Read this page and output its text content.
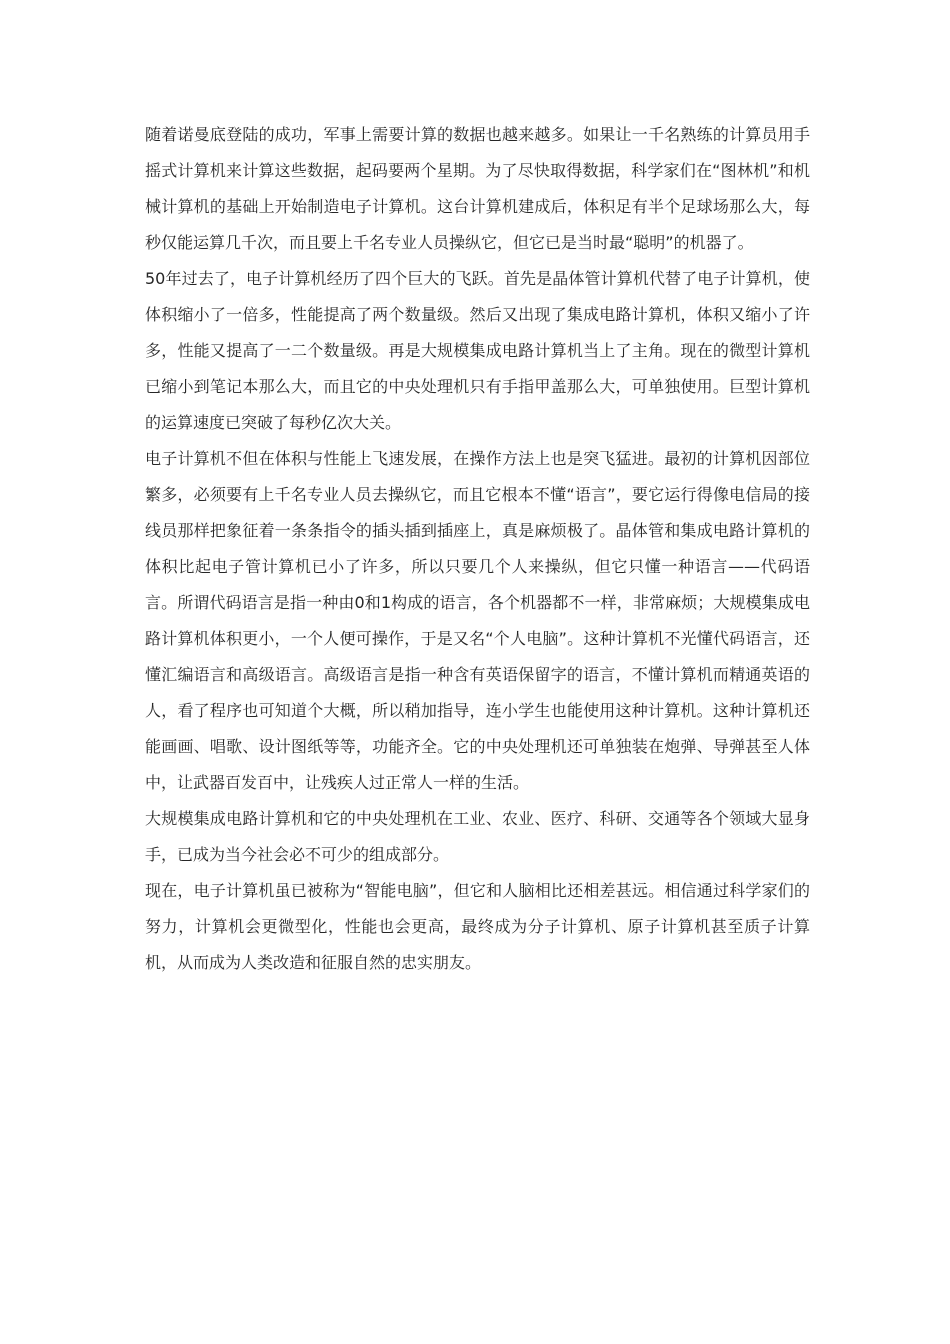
随着诺曼底登陆的成功，军事上需要计算的数据也越来越多。如果让一千名熟练的计算员用手摇式计算机来计算这些数据，起码要两个星期。为了尽快取得数据，科学家们在“图林机”和机械计算机的基础上开始制造电子计算机。这台计算机建成后，体积足有半个足球场那么大，每秒仅能运算几千次，而且要上千名专业人员操纵它，但它已是当时最“聪明”的机器了。

50年过去了，电子计算机经历了四个巨大的飞跃。首先是晶体管计算机代替了电子计算机，使体积缩小了一倍多，性能提高了两个数量级。然后又出现了集成电路计算机，体积又缩小了许多，性能又提高了一二个数量级。再是大规模集成电路计算机当上了主角。现在的微型计算机已缩小到笔记本那么大，而且它的中央处理机只有手指甲盖那么大，可单独使用。巨型计算机的运算速度已突破了每秒亿次大关。

电子计算机不但在体积与性能上飞速发展，在操作方法上也是突飞猛进。最初的计算机因部位繁多，必须要有上千名专业人员去操纵它，而且它根本不懂“语言”，要它运行得像电信局的接线员那样把象征着一条条指令的插头插到插座上，真是麻烦极了。晶体管和集成电路计算机的体积比起电子管计算机已小了许多，所以只要几个人来操纵，但它只懂一种语言——代码语言。所谓代码语言是指一种由0和1构成的语言，各个机器都不一样，非常麻烦；大规模集成电路计算机体积更小，一个人便可操作，于是又名“个人电脑”。这种计算机不光懂代码语言，还懂汇编语言和高级语言。高级语言是指一种含有英语保留字的语言，不懂计算机而精通英语的人，看了程序也可知道个大概，所以稍加指导，连小学生也能使用这种计算机。这种计算机还能画画、唱歌、设计图纸等等，功能齐全。它的中央处理机还可单独装在炮弹、导弹甚至人体中，让武器百发百中，让残疾人过正常人一样的生活。

大规模集成电路计算机和它的中央处理机在工业、农业、医疗、科研、交通等各个领域大显身手，已成为当今社会必不可少的组成部分。

现在，电子计算机虽已被称为“智能电脑”，但它和人脑相比还相差甚远。相信通过科学家们的努力，计算机会更微型化，性能也会更高，最终成为分子计算机、原子计算机甚至质子计算机，从而成为人类改造和征服自然的忠实朋友。
